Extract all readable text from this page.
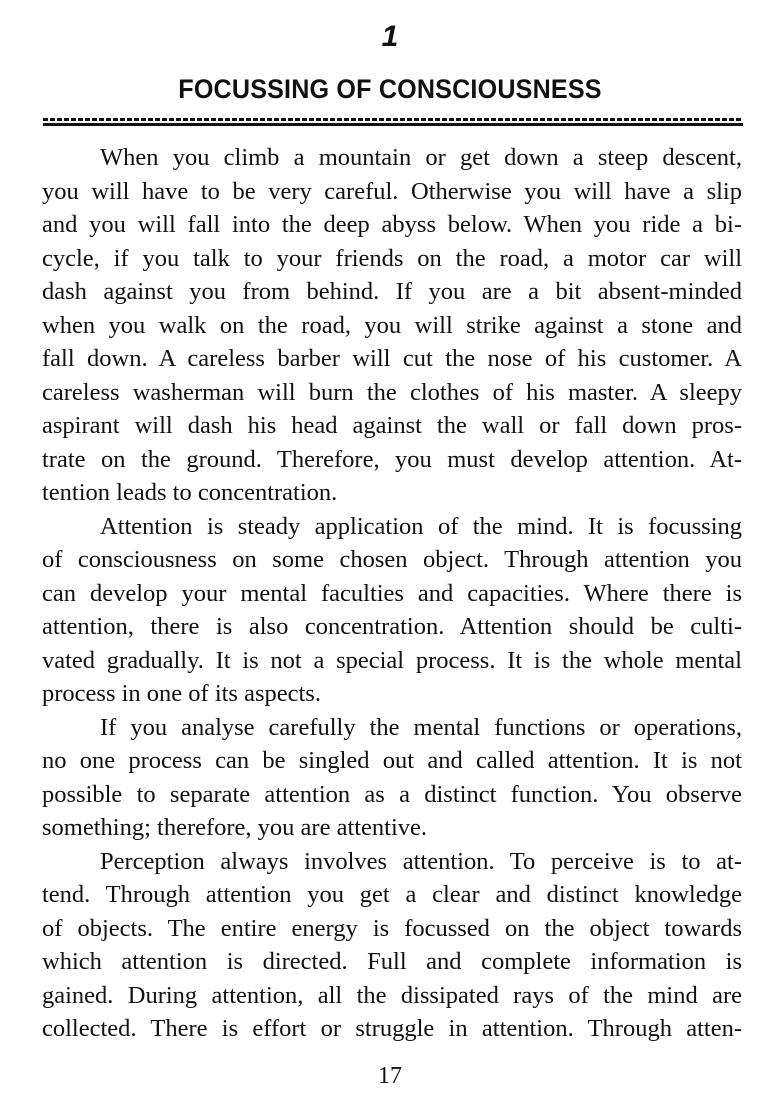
1
FOCUSSING OF CONSCIOUSNESS
When you climb a mountain or get down a steep descent,
you will have to be very careful. Otherwise you will have a slip
and you will fall into the deep abyss below. When you ride a bi-
cycle, if you talk to your friends on the road, a motor car will
dash against you from behind. If you are a bit absent-minded
when you walk on the road, you will strike against a stone and
fall down. A careless barber will cut the nose of his customer. A
careless washerman will burn the clothes of his master. A sleepy
aspirant will dash his head against the wall or fall down pros-
trate on the ground. Therefore, you must develop attention. At-
tention leads to concentration.
Attention is steady application of the mind. It is focussing
of consciousness on some chosen object. Through attention you
can develop your mental faculties and capacities. Where there is
attention, there is also concentration. Attention should be culti-
vated gradually. It is not a special process. It is the whole mental
process in one of its aspects.
If you analyse carefully the mental functions or operations,
no one process can be singled out and called attention. It is not
possible to separate attention as a distinct function. You observe
something; therefore, you are attentive.
Perception always involves attention. To perceive is to at-
tend. Through attention you get a clear and distinct knowledge
of objects. The entire energy is focussed on the object towards
which attention is directed. Full and complete information is
gained. During attention, all the dissipated rays of the mind are
collected. There is effort or struggle in attention. Through atten-
17
